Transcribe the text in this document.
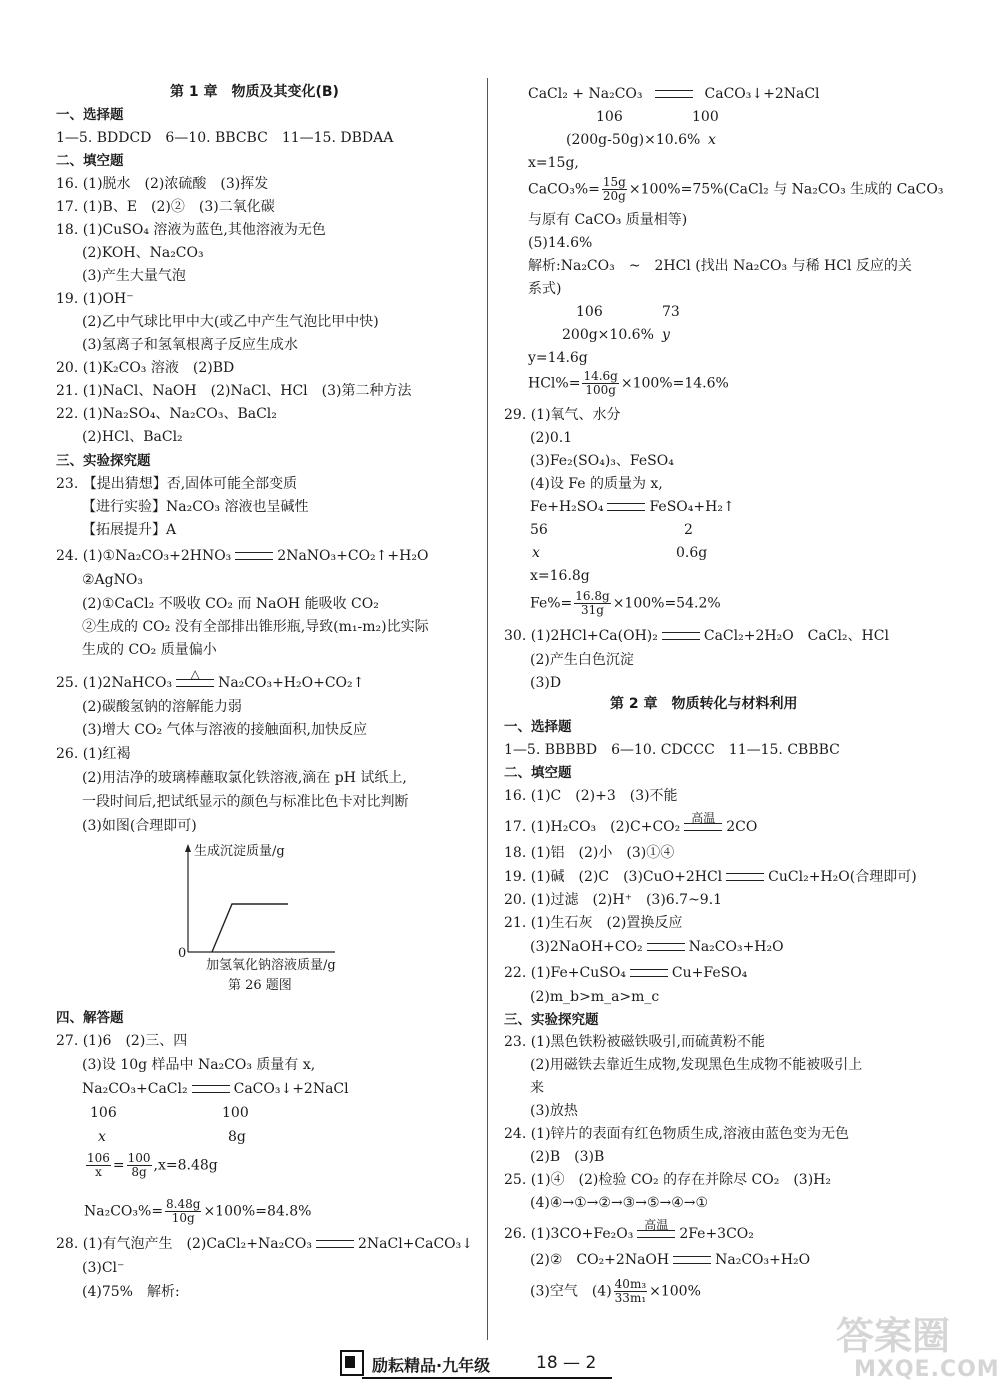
第 1 章　物质及其变化(B)
一、选择题
1—5. BDDCD　6—10. BBCBC　11—15. DBDAA
二、填空题
16. (1)脱水　(2)浓硫酸　(3)挥发
17. (1)B、E　(2)②　(3)二氧化碳
18. (1)CuSO₄ 溶液为蓝色,其他溶液为无色
(2)KOH、Na₂CO₃
(3)产生大量气泡
19. (1)OH⁻
(2)乙中气球比甲中大(或乙中产生气泡比甲中快)
(3)氢离子和氢氧根离子反应生成水
20. (1)K₂CO₃ 溶液　(2)BD
21. (1)NaCl、NaOH　(2)NaCl、HCl　(3)第二种方法
22. (1)Na₂SO₄、Na₂CO₃、BaCl₂
(2)HCl、BaCl₂
三、实验探究题
23. 【提出猜想】否,固体可能全部变质
【进行实验】Na₂CO₃ 溶液也呈碱性
【拓展提升】A
24. (1)①Na₂CO₃+2HNO₃	2NaNO₃+CO₂↑+H₂O
②AgNO₃
(2)①CaCl₂ 不吸收 CO₂ 而 NaOH 能吸收 CO₂
②生成的 CO₂ 没有全部排出锥形瓶,导致(m₁-m₂)比实际
生成的 CO₂ 质量偏小
25. (1)2NaHCO₃
△
Na₂CO₃+H₂O+CO₂↑
(2)碳酸氢钠的溶解能力弱
(3)增大 CO₂ 气体与溶液的接触面积,加快反应
26. (1)红褐
(2)用洁净的玻璃棒蘸取氯化铁溶液,滴在 pH 试纸上,
一段时间后,把试纸显示的颜色与标准比色卡对比判断
(3)如图(合理即可)
生成沉淀质量/g
0
加氢氧化钠溶液质量/g
第 26 题图
四、解答题
27. (1)6　(2)三、四
(3)设 10g 样品中 Na₂CO₃ 质量有 x,
Na₂CO₃+CaCl₂	CaCO₃↓+2NaCl
106	100
x	8g
$\frac{106}{x} = \frac{100}{8g} ,x=8.48g$
$Na_2CO_3\%= \frac{8.48g}{10g} \times 100\%=84.8\%$
28. (1)有气泡产生　(2)CaCl₂+Na₂CO₃	2NaCl+CaCO₃↓
(3)Cl⁻
(4)75%　解析:
CaCl₂ + Na₂CO₃	CaCO₃↓+2NaCl
106	100
(200g-50g)×10.6% x
x=15g,
CaCO₃%= $\frac{15g}{20g}$ ×100%=75%(CaCl₂ 与 Na₂CO₃ 生成的 CaCO₃
与原有 CaCO₃ 质量相等)
(5)14.6%
解析:Na₂CO₃　~　2HCl (找出 Na₂CO₃ 与稀 HCl 反应的关
系式)
106	73
200g×10.6% y
y=14.6g
$HCl\%= \frac{14.6g}{100g} \times 100\%=14.6\%$
29. (1)氧气、水分
(2)0.1
(3)Fe₂(SO₄)₃、FeSO₄
(4)设 Fe 的质量为 x,
Fe+H₂SO₄	FeSO₄+H₂↑
56	2
x	0.6g
x=16.8g
$Fe\%= \frac{16.8g}{31g} \times 100\%=54.2\%$
30. (1)2HCl+Ca(OH)₂	CaCl₂+2H₂O　CaCl₂、HCl
(2)产生白色沉淀
(3)D
第 2 章　物质转化与材料利用
一、选择题
1—5. BBBBD　6—10. CDCCC　11—15. CBBBC
二、填空题
16. (1)C　(2)+3　(3)不能
17. (1)H₂CO₃　(2)C+CO₂
高温
2CO
18. (1)铝　(2)小　(3)①④
19. (1)碱　(2)C　(3)CuO+2HCl	CuCl₂+H₂O(合理即可)
20. (1)过滤　(2)H⁺　(3)6.7~9.1
21. (1)生石灰　(2)置换反应
(3)2NaOH+CO₂	Na₂CO₃+H₂O
22. (1)Fe+CuSO₄	Cu+FeSO₄
(2)m_b>m_a>m_c
三、实验探究题
23. (1)黑色铁粉被磁铁吸引,而硫黄粉不能
(2)用磁铁去靠近生成物,发现黑色生成物不能被吸引上
来
(3)放热
24. (1)锌片的表面有红色物质生成,溶液由蓝色变为无色
(2)B　(3)B
25. (1)④　(2)检验 CO₂ 的存在并除尽 CO₂　(3)H₂
(4)④→①→②→③→⑤→④→①
26. (1)3CO+Fe₂O₃
高温
2Fe+3CO₂
(2)②　CO₂+2NaOH	Na₂CO₃+H₂O
(3)空气　$(4) \frac{\text{40m₃}}{\text{33m₁}} \times 100\%$
励耘精品·九年级	18 — 2
答案圈
MXQE.COM
